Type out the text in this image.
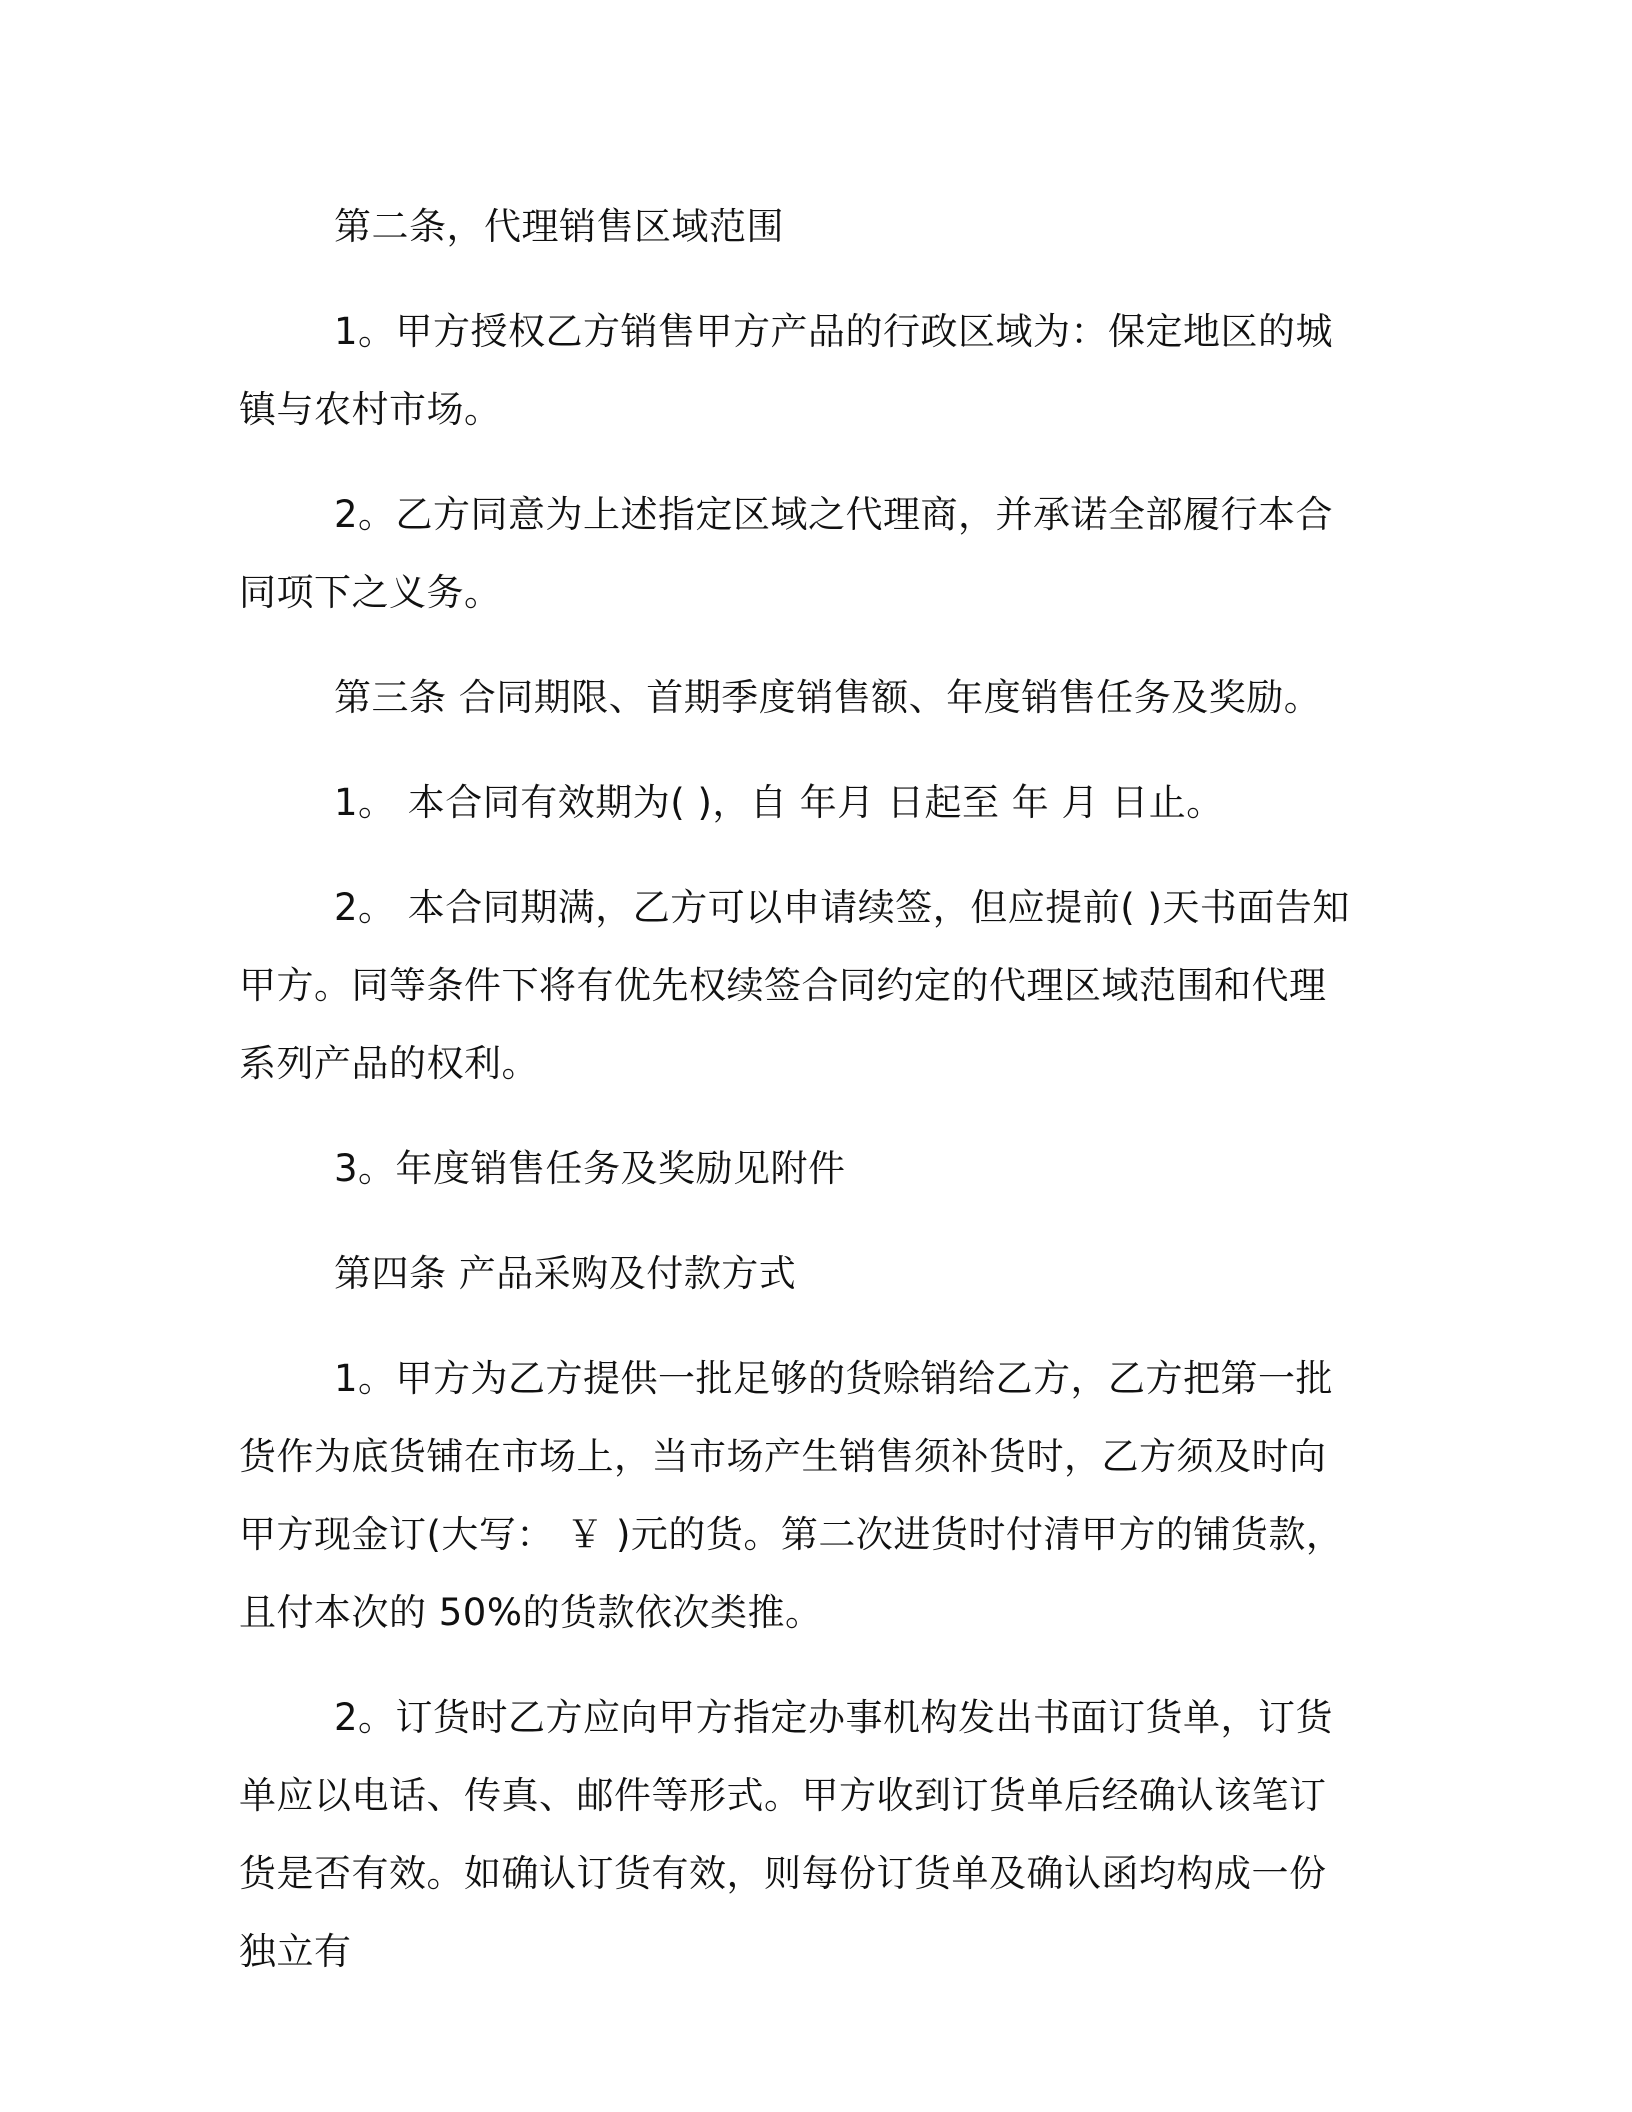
第二条，代理销售区域范围

1。甲方授权乙方销售甲方产品的行政区域为：保定地区的城镇与农村市场。

2。乙方同意为上述指定区域之代理商，并承诺全部履行本合同项下之义务。

第三条 合同期限、首期季度销售额、年度销售任务及奖励。

1。 本合同有效期为( )，自 年月 日起至 年 月 日止。

2。 本合同期满，乙方可以申请续签，但应提前( )天书面告知甲方。同等条件下将有优先权续签合同约定的代理区域范围和代理系列产品的权利。

3。年度销售任务及奖励见附件

第四条 产品采购及付款方式

1。甲方为乙方提供一批足够的货赊销给乙方，乙方把第一批货作为底货铺在市场上，当市场产生销售须补货时，乙方须及时向甲方现金订(大写： ￥ )元的货。第二次进货时付清甲方的铺货款，且付本次的 50%的货款依次类推。

2。订货时乙方应向甲方指定办事机构发出书面订货单，订货单应以电话、传真、邮件等形式。甲方收到订货单后经确认该笔订货是否有效。如确认订货有效，则每份订货单及确认函均构成一份独立有
